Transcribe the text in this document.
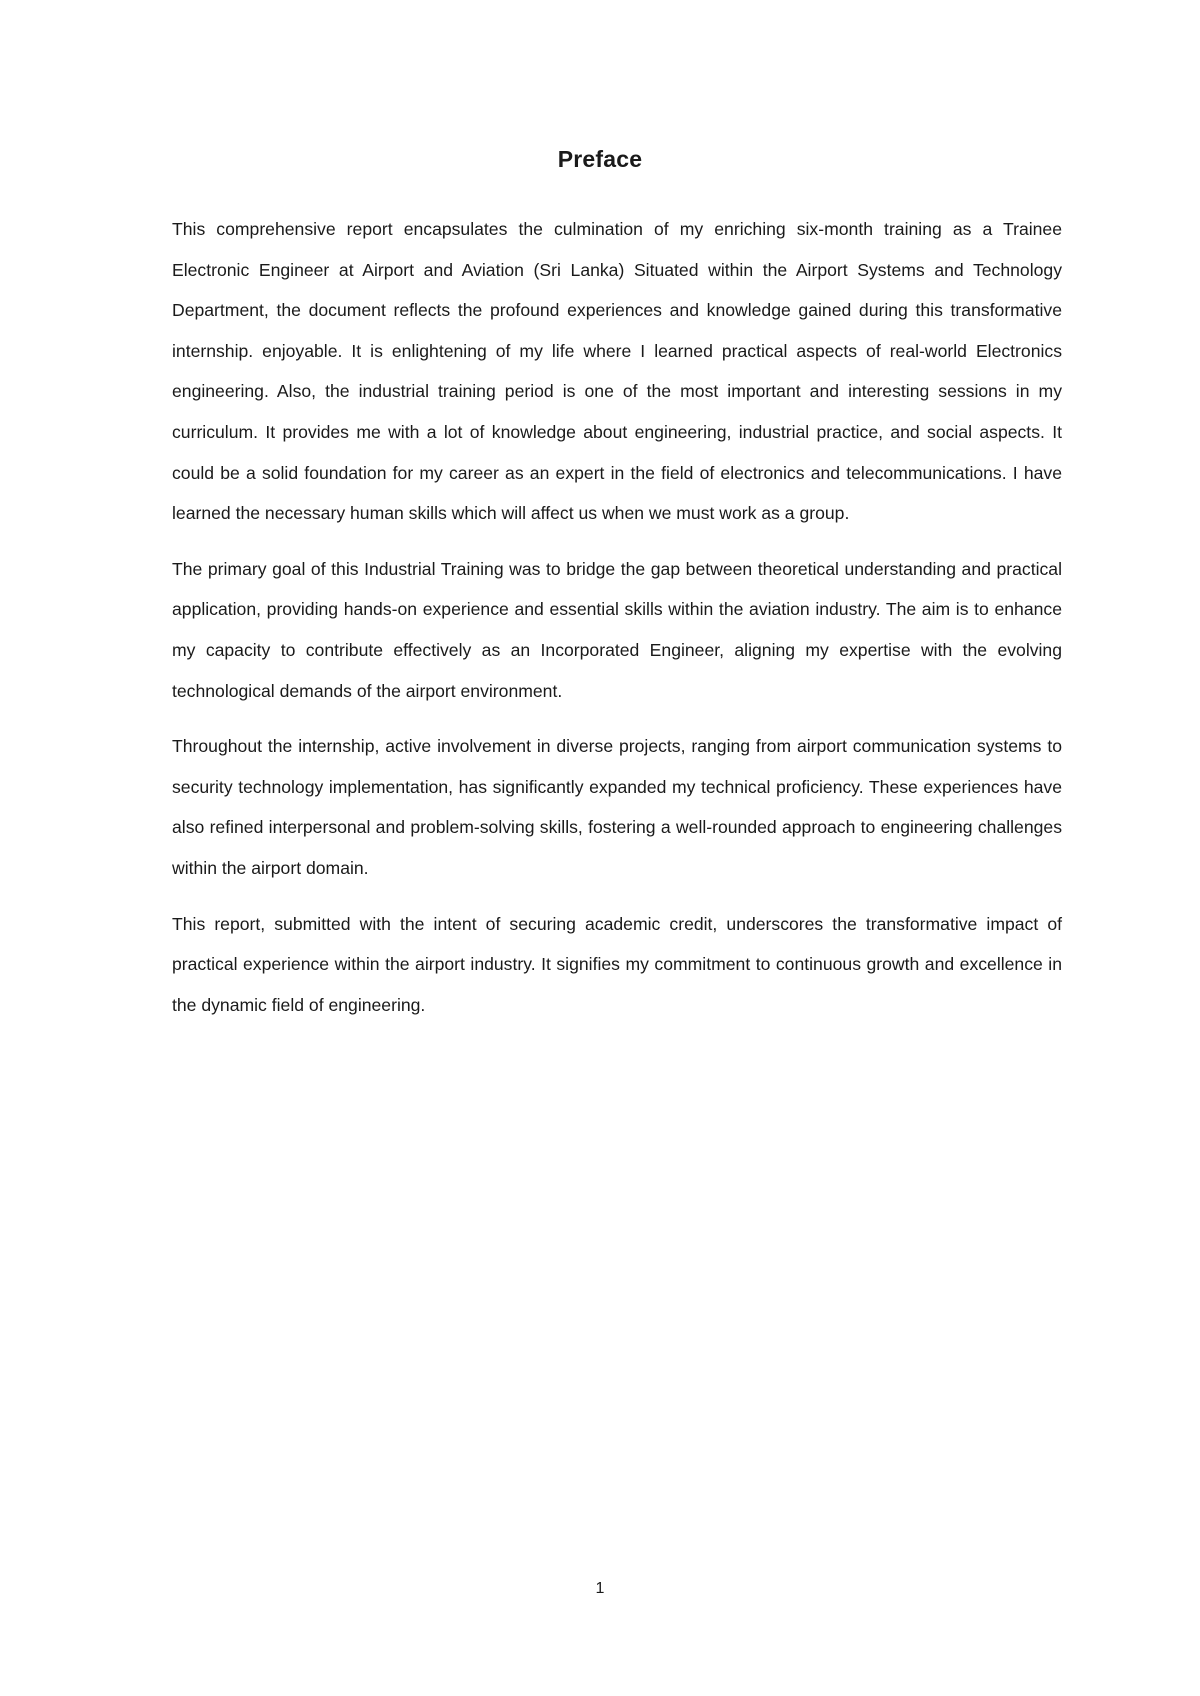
Preface

This comprehensive report encapsulates the culmination of my enriching six-month training as a Trainee Electronic Engineer at Airport and Aviation (Sri Lanka) Situated within the Airport Systems and Technology Department, the document reflects the profound experiences and knowledge gained during this transformative internship. enjoyable. It is enlightening of my life where I learned practical aspects of real-world Electronics engineering. Also, the industrial training period is one of the most important and interesting sessions in my curriculum. It provides me with a lot of knowledge about engineering, industrial practice, and social aspects. It could be a solid foundation for my career as an expert in the field of electronics and telecommunications. I have learned the necessary human skills which will affect us when we must work as a group.

The primary goal of this Industrial Training was to bridge the gap between theoretical understanding and practical application, providing hands-on experience and essential skills within the aviation industry. The aim is to enhance my capacity to contribute effectively as an Incorporated Engineer, aligning my expertise with the evolving technological demands of the airport environment.

Throughout the internship, active involvement in diverse projects, ranging from airport communication systems to security technology implementation, has significantly expanded my technical proficiency. These experiences have also refined interpersonal and problem-solving skills, fostering a well-rounded approach to engineering challenges within the airport domain.

This report, submitted with the intent of securing academic credit, underscores the transformative impact of practical experience within the airport industry. It signifies my commitment to continuous growth and excellence in the dynamic field of engineering.

1
